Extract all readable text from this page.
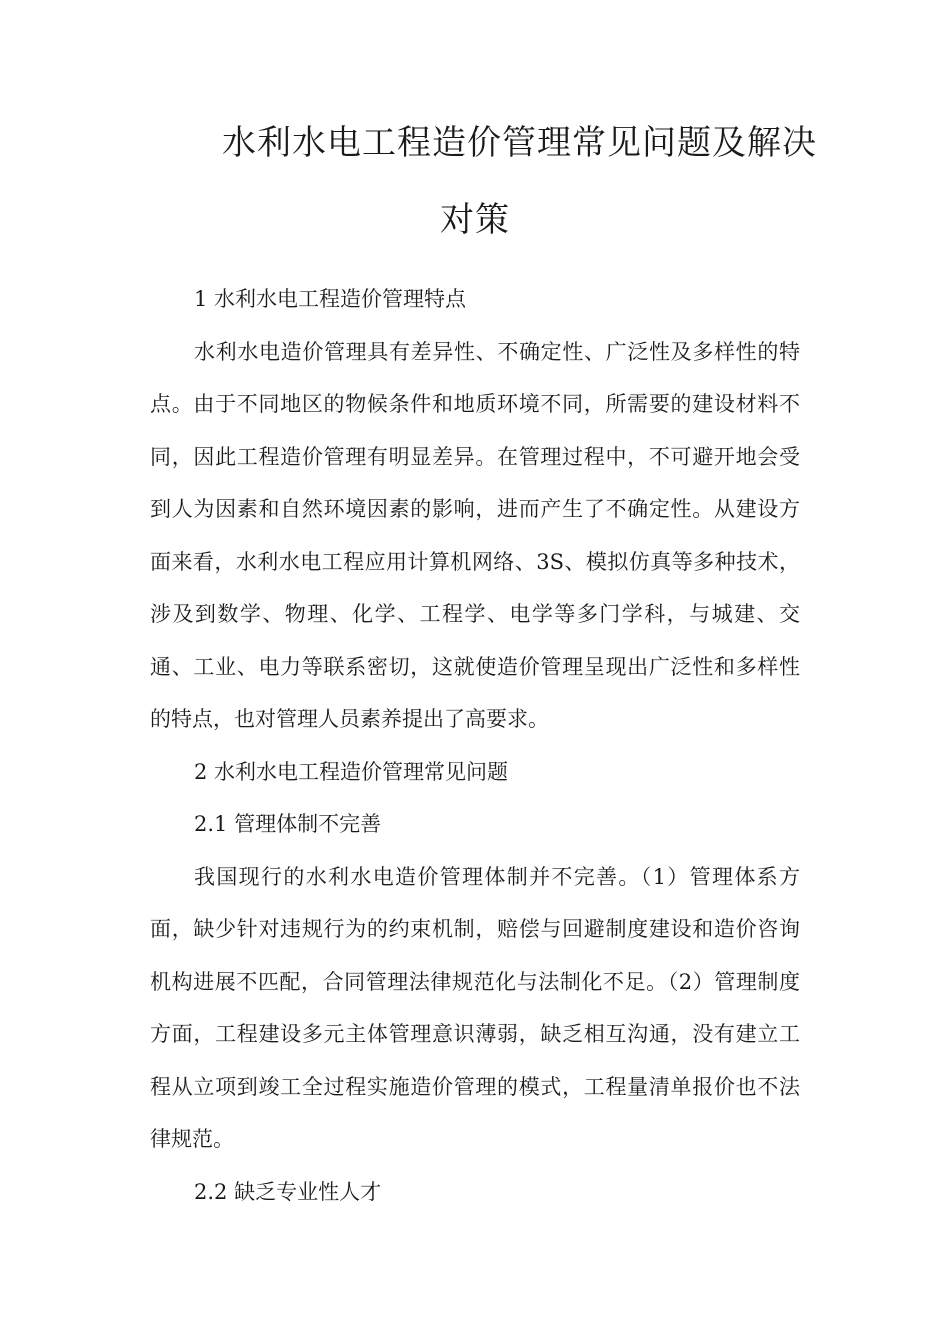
水利水电工程造价管理常见问题及解决
对策

1 水利水电工程造价管理特点

水利水电造价管理具有差异性、不确定性、广泛性及多样性的特点。由于不同地区的物候条件和地质环境不同，所需要的建设材料不同，因此工程造价管理有明显差异。在管理过程中，不可避开地会受到人为因素和自然环境因素的影响，进而产生了不确定性。从建设方面来看，水利水电工程应用计算机网络、3S、模拟仿真等多种技术，涉及到数学、物理、化学、工程学、电学等多门学科，与城建、交通、工业、电力等联系密切，这就使造价管理呈现出广泛性和多样性的特点，也对管理人员素养提出了高要求。

2 水利水电工程造价管理常见问题

2.1 管理体制不完善

我国现行的水利水电造价管理体制并不完善。（1）管理体系方面，缺少针对违规行为的约束机制，赔偿与回避制度建设和造价咨询机构进展不匹配，合同管理法律规范化与法制化不足。（2）管理制度方面，工程建设多元主体管理意识薄弱，缺乏相互沟通，没有建立工程从立项到竣工全过程实施造价管理的模式，工程量清单报价也不法律规范。

2.2 缺乏专业性人才
